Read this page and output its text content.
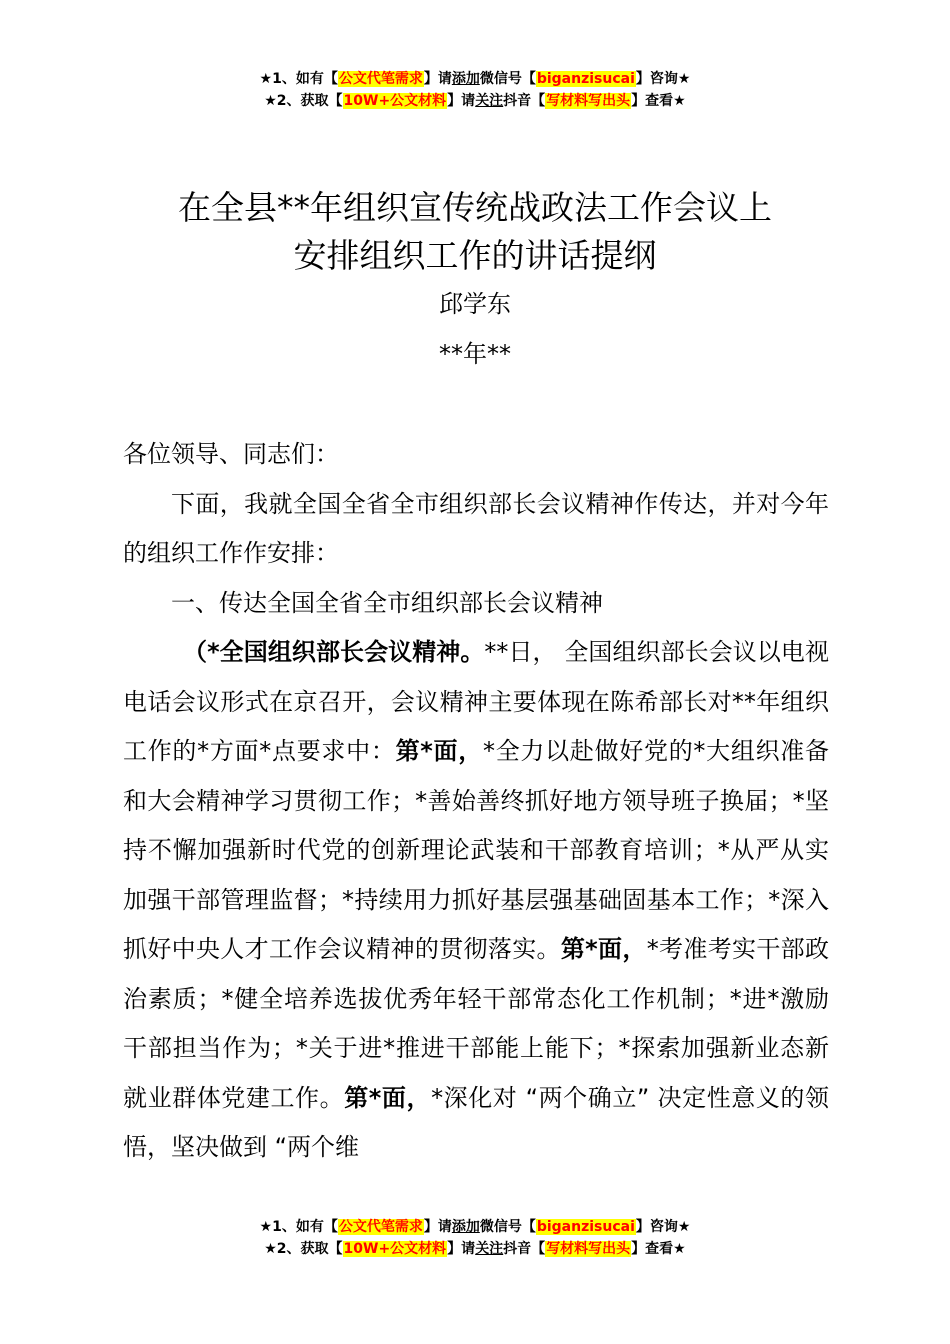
★1、如有【公文代笔需求】请添加微信号【biganzisucai】咨询★
★2、获取【10W+公文材料】请关注抖音【写材料写出头】查看★
在全县**年组织宣传统战政法工作会议上
安排组织工作的讲话提纲
邱学东
**年**

各位领导、同志们：

下面，我就全国全省全市组织部长会议精神作传达，并对今年的组织工作作安排：

一、传达全国全省全市组织部长会议精神

（*全国组织部长会议精神。**日， 全国组织部长会议以电视电话会议形式在京召开，会议精神主要体现在陈希部长对**年组织工作的*方面*点要求中：第*面，*全力以赴做好党的*大组织准备和大会精神学习贯彻工作；*善始善终抓好地方领导班子换届；*坚持不懈加强新时代党的创新理论武装和干部教育培训；*从严从实加强干部管理监督；*持续用力抓好基层强基础固基本工作；*深入抓好中央人才工作会议精神的贯彻落实。第*面，*考准考实干部政治素质；*健全培养选拔优秀年轻干部常态化工作机制；*进*激励干部担当作为；*关于进*推进干部能上能下；*探索加强新业态新就业群体党建工作。第*面，*深化对 “两个确立” 决定性意义的领悟，坚决做到 “两个维

★1、如有【公文代笔需求】请添加微信号【biganzisucai】咨询★
★2、获取【10W+公文材料】请关注抖音【写材料写出头】查看★
